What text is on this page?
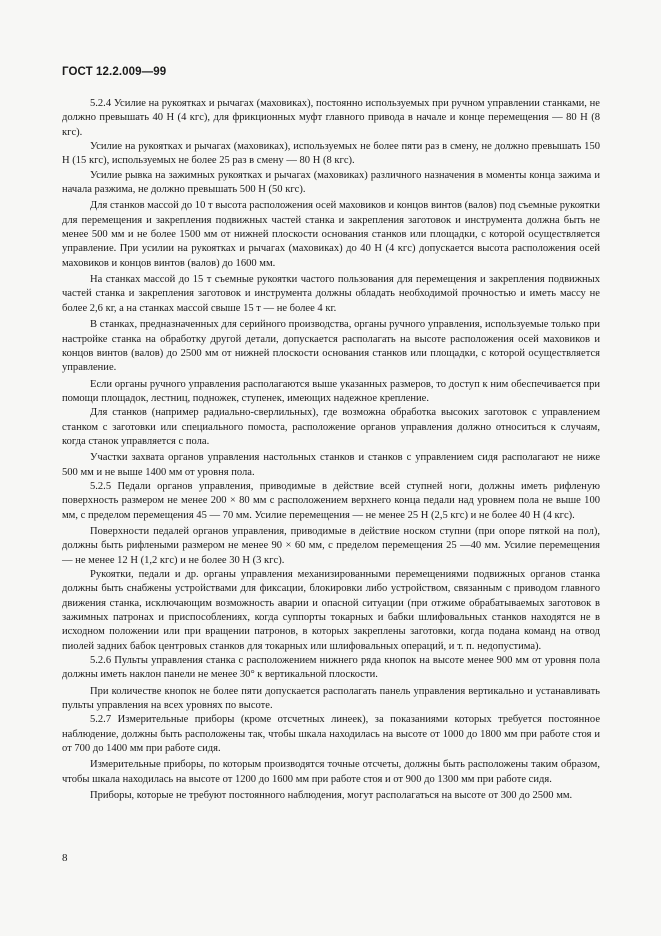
ГОСТ 12.2.009—99

5.2.4 Усилие на рукоятках и рычагах (маховиках), постоянно используемых при ручном управлении станками, не должно превышать 40 Н (4 кгс), для фрикционных муфт главного привода в начале и конце перемещения — 80 Н (8 кгс).

Усилие на рукоятках и рычагах (маховиках), используемых не более пяти раз в смену, не должно превышать 150 Н (15 кгс), используемых не более 25 раз в смену — 80 Н (8 кгс).

Усилие рывка на зажимных рукоятках и рычагах (маховиках) различного назначения в моменты конца зажима и начала разжима, не должно превышать 500 Н (50 кгс).

Для станков массой до 10 т высота расположения осей маховиков и концов винтов (валов) под съемные рукоятки для перемещения и закрепления подвижных частей станка и закрепления заготовок и инструмента должна быть не менее 500 мм и не более 1500 мм от нижней плоскости основания станков или площадки, с которой осуществляется управление. При усилии на рукоятках и рычагах (маховиках) до 40 Н (4 кгс) допускается высота расположения осей маховиков и концов винтов (валов) до 1600 мм.

На станках массой до 15 т съемные рукоятки частого пользования для перемещения и закрепления подвижных частей станка и закрепления заготовок и инструмента должны обладать необходимой прочностью и иметь массу не более 2,6 кг, а на станках массой свыше 15 т — не более 4 кг.

В станках, предназначенных для серийного производства, органы ручного управления, используемые только при настройке станка на обработку другой детали, допускается располагать на высоте расположения осей маховиков и концов винтов (валов) до 2500 мм от нижней плоскости основания станков или площадки, с которой осуществляется управление.

Если органы ручного управления располагаются выше указанных размеров, то доступ к ним обеспечивается при помощи площадок, лестниц, подножек, ступенек, имеющих надежное крепление.

Для станков (например радиально-сверлильных), где возможна обработка высоких заготовок с управлением станком с заготовки или специального помоста, расположение органов управления должно относиться к случаям, когда станок управляется с пола.

Участки захвата органов управления настольных станков и станков с управлением сидя располагают не ниже 500 мм и не выше 1400 мм от уровня пола.

5.2.5 Педали органов управления, приводимые в действие всей ступней ноги, должны иметь рифленую поверхность размером не менее 200 × 80 мм с расположением верхнего конца педали над уровнем пола не выше 100 мм, с пределом перемещения 45 — 70 мм. Усилие перемещения — не менее 25 Н (2,5 кгс) и не более 40 Н (4 кгс).

Поверхности педалей органов управления, приводимые в действие носком ступни (при опоре пяткой на пол), должны быть рифлеными размером не менее 90 × 60 мм, с пределом перемещения 25 —40 мм. Усилие перемещения — не менее 12 Н (1,2 кгс) и не более 30 Н (3 кгс).

Рукоятки, педали и др. органы управления механизированными перемещениями подвижных органов станка должны быть снабжены устройствами для фиксации, блокировки либо устройством, связанным с приводом главного движения станка, исключающим возможность аварии и опасной ситуации (при отжиме обрабатываемых заготовок в зажимных патронах и приспособлениях, когда суппорты токарных и бабки шлифовальных станков находятся не в исходном положении или при вращении патронов, в которых закреплены заготовки, когда подана команд на отвод пиолей задних бабок центровых станков для токарных или шлифовальных операций, и т. п. недопустима).

5.2.6 Пульты управления станка с расположением нижнего ряда кнопок на высоте менее 900 мм от уровня пола должны иметь наклон панели не менее 30° к вертикальной плоскости.

При количестве кнопок не более пяти допускается располагать панель управления вертикально и устанавливать пульты управления на всех уровнях по высоте.

5.2.7 Измерительные приборы (кроме отсчетных линеек), за показаниями которых требуется постоянное наблюдение, должны быть расположены так, чтобы шкала находилась на высоте от 1000 до 1800 мм при работе стоя и от 700 до 1400 мм при работе сидя.

Измерительные приборы, по которым производятся точные отсчеты, должны быть расположены таким образом, чтобы шкала находилась на высоте от 1200 до 1600 мм при работе стоя и от 900 до 1300 мм при работе сидя.

Приборы, которые не требуют постоянного наблюдения, могут располагаться на высоте от 300 до 2500 мм.

8
